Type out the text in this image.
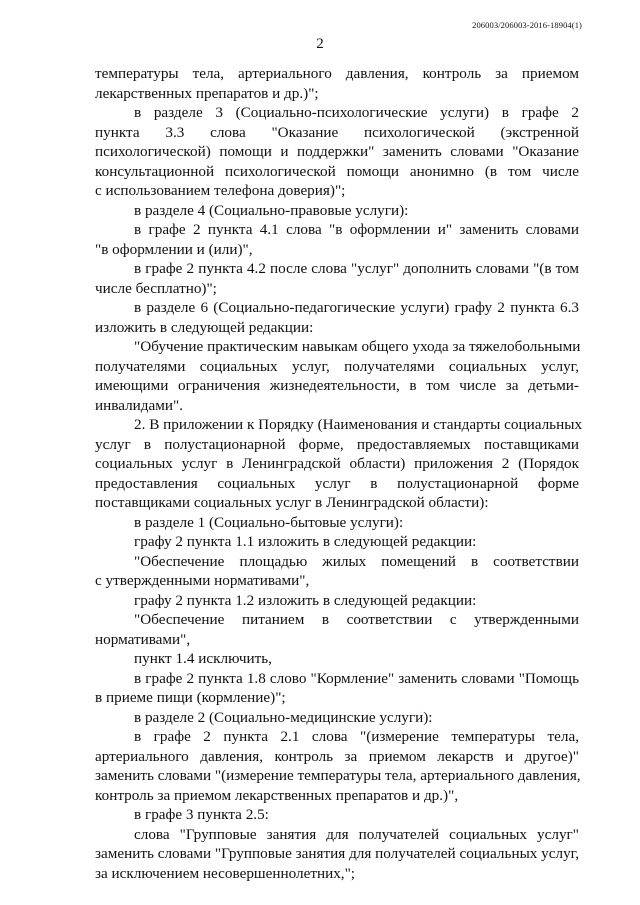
206003/206003-2016-18904(1)
2
температуры тела, артериального давления, контроль за приемом
лекарственных препаратов и др.)";
в разделе 3 (Социально-психологические услуги) в графе 2
пункта 3.3 слова "Оказание психологической (экстренной
психологической) помощи и поддержки" заменить словами "Оказание
консультационной психологической помощи анонимно (в том числе
с использованием телефона доверия)";
в разделе 4 (Социально-правовые услуги):
в графе 2 пункта 4.1 слова "в оформлении и" заменить словами
"в оформлении и (или)",
в графе 2 пункта 4.2 после слова "услуг" дополнить словами "(в том
числе бесплатно)";
в разделе 6 (Социально-педагогические услуги) графу 2 пункта 6.3
изложить в следующей редакции:
"Обучение практическим навыкам общего ухода за тяжелобольными
получателями социальных услуг, получателями социальных услуг,
имеющими ограничения жизнедеятельности, в том числе за детьми-
инвалидами".
2. В приложении к Порядку (Наименования и стандарты социальных
услуг в полустационарной форме, предоставляемых поставщиками
социальных услуг в Ленинградской области) приложения 2 (Порядок
предоставления социальных услуг в полустационарной форме
поставщиками социальных услуг в Ленинградской области):
в разделе 1 (Социально-бытовые услуги):
графу 2 пункта 1.1 изложить в следующей редакции:
"Обеспечение площадью жилых помещений в соответствии
с утвержденными нормативами",
графу 2 пункта 1.2 изложить в следующей редакции:
"Обеспечение питанием в соответствии с утвержденными
нормативами",
пункт 1.4 исключить,
в графе 2 пункта 1.8 слово "Кормление" заменить словами "Помощь
в приеме пищи (кормление)";
в разделе 2 (Социально-медицинские услуги):
в графе 2 пункта 2.1 слова "(измерение температуры тела,
артериального давления, контроль за приемом лекарств и другое)"
заменить словами "(измерение температуры тела, артериального давления,
контроль за приемом лекарственных препаратов и др.)",
в графе 3 пункта 2.5:
слова "Групповые занятия для получателей социальных услуг"
заменить словами "Групповые занятия для получателей социальных услуг,
за исключением несовершеннолетних,";
